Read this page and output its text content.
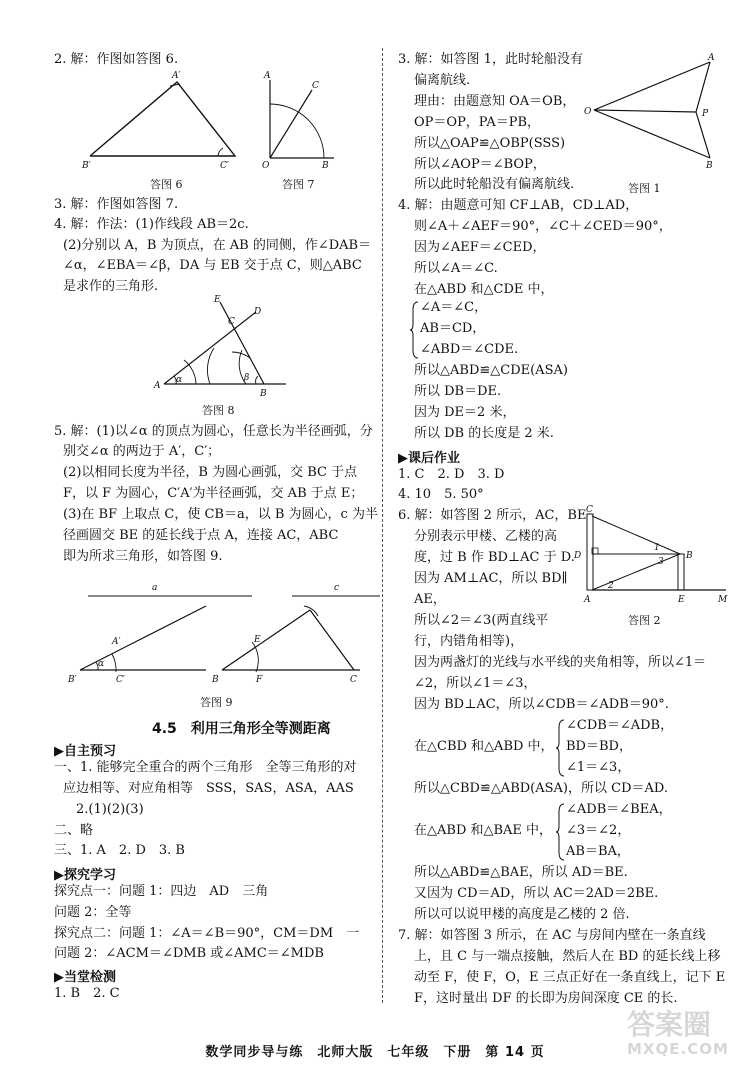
2. 解：作图如答图 6.
A′
B′	C′
答图 6
A
C
O	B
答图 7
3. 解：作图如答图 7.
4. 解：作法：(1)作线段 AB＝2c.
(2)分别以 A，B 为顶点，在 AB 的同侧，作∠DAB＝
∠α，∠EBA＝∠β，DA 与 EB 交于点 C，则△ABC
是求作的三角形.
E
D
C
A
B
α	β
答图 8
5. 解：(1)以∠α 的顶点为圆心，任意长为半径画弧，分
别交∠α 的两边于 A′，C′；
(2)以相同长度为半径，B 为圆心画弧，交 BC 于点
F，以 F 为圆心，C′A′为半径画弧，交 AB 于点 E；
(3)在 BF 上取点 C，使 CB＝a，以 B 为圆心，c 为半
径画圆交 BE 的延长线于点 A，连接 AC，ABC
即为所求三角形，如答图 9.
a	c
A′
B′	C′
α
E
B	F	C
答图 9
4.5　利用三角形全等测距离
▶自主预习
一、1. 能够完全重合的两个三角形　全等三角形的对
应边相等、对应角相等　SSS，SAS，ASA，AAS
2.(1)(2)(3)
二、略
三、1. A　2. D　3. B
▶探究学习
探究点一：问题 1：四边　AD　三角
问题 2：全等
探究点二：问题 1：∠A＝∠B＝90°，CM＝DM　一
问题 2：∠ACM＝∠DMB 或∠AMC＝∠MDB
▶当堂检测
1. B　2. C
3. 解：如答图 1，此时轮船没有
偏离航线.
理由：由题意知 OA＝OB，
OP＝OP，PA＝PB，
所以△OAP≌△OBP(SSS)
所以∠AOP＝∠BOP，
所以此时轮船没有偏离航线.
A
O	P
B
答图 1
4. 解：由题意可知 CF⊥AB，CD⊥AD，
则∠A＋∠AEF＝90°，∠C＋∠CED＝90°，
因为∠AEF＝∠CED，
所以∠A＝∠C.
在△ABD 和△CDE 中，
∠A＝∠C，
AB＝CD，
∠ABD＝∠CDE.
所以△ABD≌△CDE(ASA)
所以 DB＝DE.
因为 DE＝2 米，
所以 DB 的长度是 2 米.
▶课后作业
1. C　2. D　3. D
4. 10　5. 50°
6. 解：如答图 2 所示，AC，BE
分别表示甲楼、乙楼的高
度，过 B 作 BD⊥AC 于 D.
因为 AM⊥AC，所以 BD∥
AE，
所以∠2＝∠3(两直线平
行，内错角相等)，
C
D	B
A	E	M
1
3
2
答图 2
因为两盏灯的光线与水平线的夹角相等，所以∠1＝
∠2，所以∠1＝∠3，
因为 BD⊥AC，所以∠CDB＝∠ADB＝90°.
∠CDB＝∠ADB，
在△CBD 和△ABD 中， BD＝BD，
∠1＝∠3，
所以△CBD≌△ABD(ASA)，所以 CD＝AD.
∠ADB＝∠BEA，
在△ABD 和△BAE 中， ∠3＝∠2，
AB＝BA，
所以△ABD≌△BAE，所以 AD＝BE.
又因为 CD＝AD，所以 AC＝2AD＝2BE.
所以可以说甲楼的高度是乙楼的 2 倍.
7. 解：如答图 3 所示，在 AC 与房间内壁在一条直线
上，且 C 与一端点接触，然后人在 BD 的延长线上移
动至 F，使 F，O，E 三点正好在一条直线上，记下 E
F，这时量出 DF 的长即为房间深度 CE 的长.
数学同步导与练　北师大版　七年级　下册　第 14 页
答案圈
MXQE.COM
